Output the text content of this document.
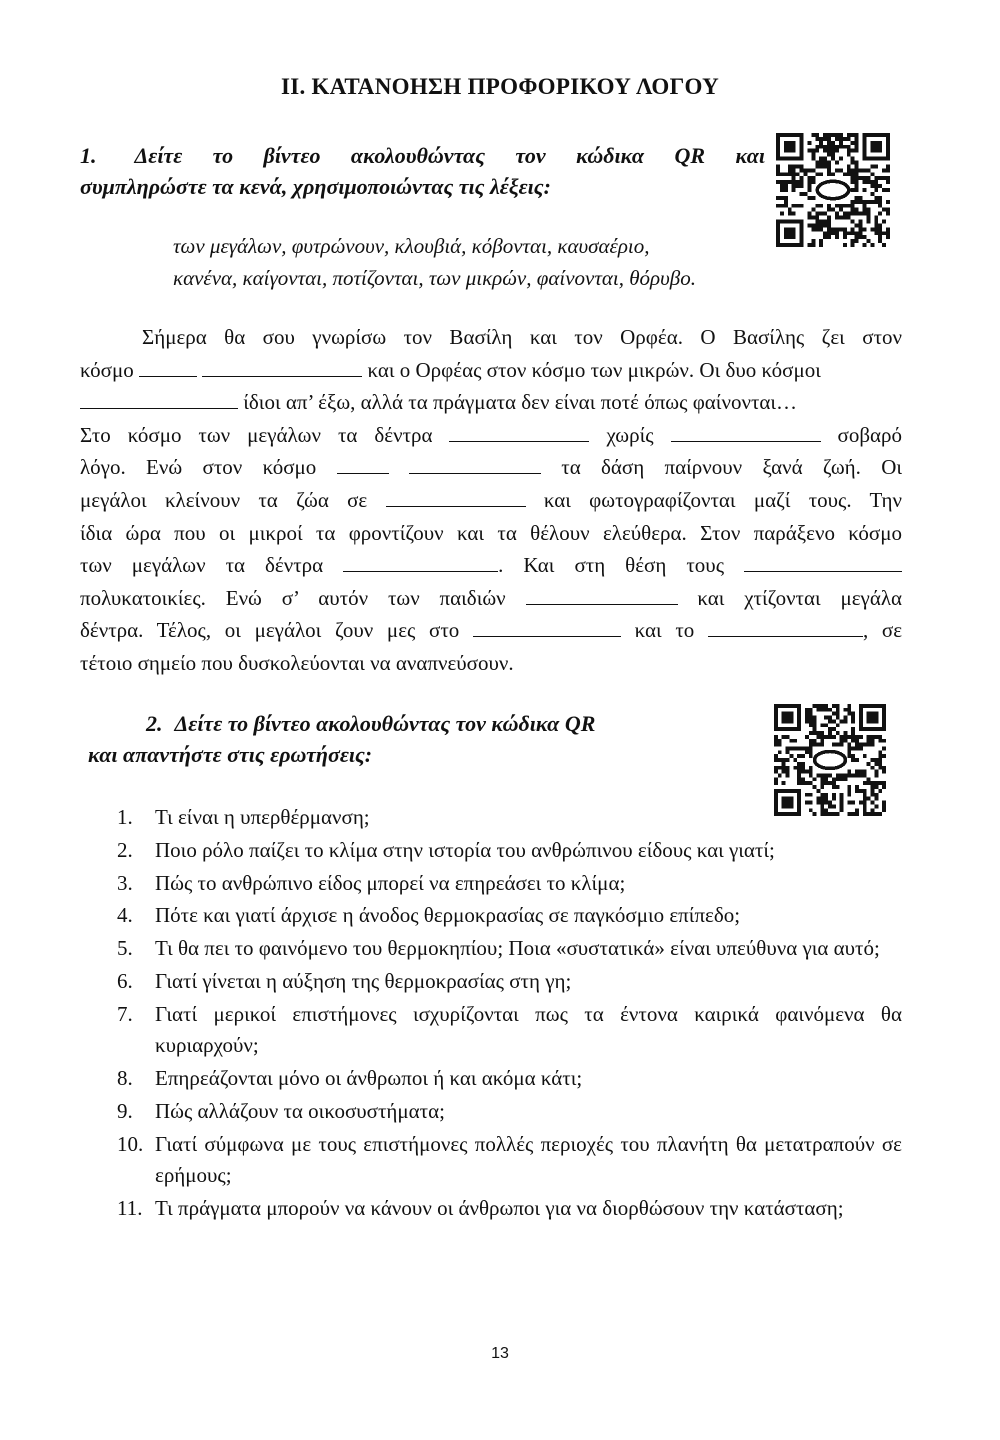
II. ΚΑΤΑΝΟΗΣΗ ΠΡΟΦΟΡΙΚΟΥ ΛΟΓΟΥ
1. Δείτε το βίντεο ακολουθώντας τον κώδικα QR και
συμπληρώστε τα κενά, χρησιμοποιώντας τις λέξεις:
των μεγάλων, φυτρώνουν, κλουβιά, κόβονται, καυσαέριο,
κανένα, καίγονται, ποτίζονται, των μικρών, φαίνονται, θόρυβο.
Σήμερα θα σου γνωρίσω τον Βασίλη και τον Ορφέα. Ο Βασίλης ζει στον
κόσμο	και ο Ορφέας στον κόσμο των μικρών. Οι δυο κόσμοι
ίδιοι απ’ έξω, αλλά τα πράγματα δεν είναι ποτέ όπως φαίνονται…
Στο κόσμο των μεγάλων τα δέντρα	χωρίς	σοβαρό
λόγο. Ενώ στον κόσμο	τα δάση παίρνουν ξανά ζωή. Οι
μεγάλοι κλείνουν τα ζώα σε	και φωτογραφίζονται μαζί τους. Την
ίδια ώρα που οι μικροί τα φροντίζουν και τα θέλουν ελεύθερα. Στον παράξενο κόσμο
των μεγάλων τα δέντρα	. Και στη θέση τους
πολυκατοικίες. Ενώ σ’ αυτόν των παιδιών	και χτίζονται μεγάλα
δέντρα. Τέλος, οι μεγάλοι ζουν μες στο	και το	, σε
τέτοιο σημείο που δυσκολεύονται να αναπνεύσουν.
2. Δείτε το βίντεο ακολουθώντας τον κώδικα QR
και απαντήστε στις ερωτήσεις:
1.	Τι είναι η υπερθέρμανση;
2.	Ποιο ρόλο παίζει το κλίμα στην ιστορία του ανθρώπινου είδους και γιατί;
3.	Πώς το ανθρώπινο είδος μπορεί να επηρεάσει το κλίμα;
4.	Πότε και γιατί άρχισε η άνοδος θερμοκρασίας σε παγκόσμιο επίπεδο;
5.	Τι θα πει το φαινόμενο του θερμοκηπίου; Ποια «συστατικά» είναι υπεύθυνα για αυτό;
6.	Γιατί γίνεται η αύξηση της θερμοκρασίας στη γη;
7.	Γιατί μερικοί επιστήμονες ισχυρίζονται πως τα έντονα καιρικά φαινόμενα θα κυριαρχούν;
8.	Επηρεάζονται μόνο οι άνθρωποι ή και ακόμα κάτι;
9.	Πώς αλλάζουν τα οικοσυστήματα;
10. Γιατί σύμφωνα με τους επιστήμονες πολλές περιοχές του πλανήτη θα μετατραπούν σε ερήμους;
11. Τι πράγματα μπορούν να κάνουν οι άνθρωποι για να διορθώσουν την κατάσταση;
13
